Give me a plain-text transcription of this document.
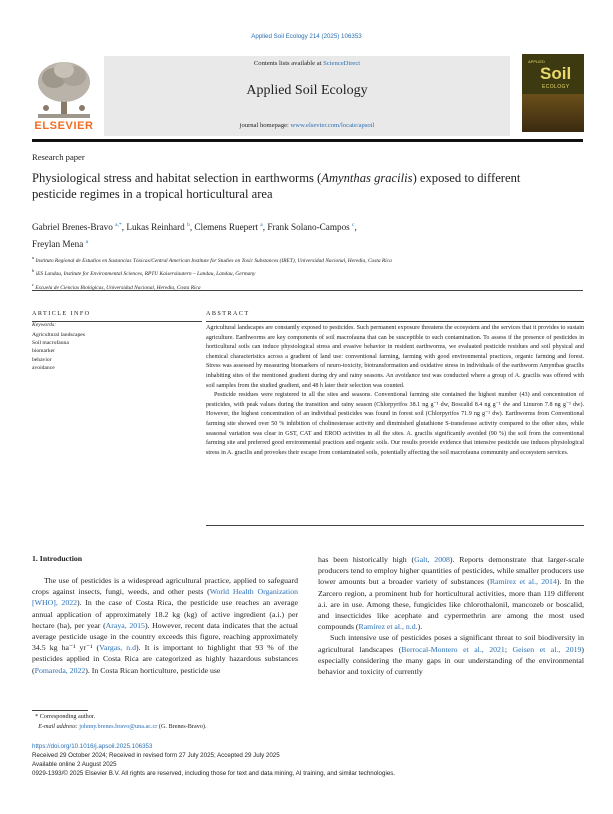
Applied Soil Ecology 214 (2025) 106353
ELSEVIER
Contents lists available at ScienceDirect
Applied Soil Ecology
journal homepage: www.elsevier.com/locate/apsoil
APPLIED
Soil
ECOLOGY
Research paper
Physiological stress and habitat selection in earthworms (Amynthas gracilis) exposed to different pesticide regimes in a tropical horticultural area
Gabriel Brenes-Bravo $^{a,*}$, Lukas Reinhard $^b$, Clemens Ruepert $^a$, Frank Solano-Campos $^c$,
Freylan Mena $^a$
$^a$ Instituto Regional de Estudios en Sustancias Tóxicas/Central American Institute for Studies on Toxic Substances (IRET), Universidad Nacional, Heredia, Costa Rica
$^b$ iES Landau, Institute for Environmental Sciences, RPTU Kaiserslautern – Landau, Landau, Germany
$^c$ Escuela de Ciencias Biológicas, Universidad Nacional, Heredia, Costa Rica
ARTICLE INFO
Keywords:
Agricultural landscapes
Soil macrofauna
biomarker
behavior
avoidance
ABSTRACT

Agricultural landscapes are constantly exposed to pesticides. Such permanent exposure threatens the ecosystem and the services that it provides to sustain agriculture. Earthworms are key components of soil macrofauna that can be susceptible to such contamination. To assess if the presence of pesticides in horticultural soils can induce physiological stress and evasive behavior in resident earthworms, we evaluated pesticide residues and soil physical and chemical characteristics across a gradient of land use: conventional farming, farming with good environmental practices, organic farming and forest. Stress was assessed by measuring biomarkers of neuro-toxicity, biotransformation and oxidative stress in individuals of the earthworm Amynthas gracilis inhabiting sites of the mentioned gradient during dry and rainy seasons. An avoidance test was conducted where a group of A. gracilis was offered with soil samples from the studied gradient, and 48 h later their selection was counted.

Pesticide residues were registered in all the sites and seasons. Conventional farming site contained the highest number (43) and concentration of pesticides, with peak values during the transition and rainy season (Chlorpyrifos 38.1 ng g⁻¹ dw, Boscalid 8.4 ng g⁻¹ dw and Linuron 7.8 ng g⁻¹ dw). However, the highest concentration of an individual pesticides was found in forest soil (Chlorpyrifos 71.9 ng g⁻¹ dw). Earthworms from Conventional farming site showed over 50 % inhibition of cholinesterase activity and diminished glutathione S-transferase activity compared to the other sites, while seasonal variation was clear in GST, CAT and EROD activities in all the sites. A. gracilis significantly avoided (90 %) the soil from the conventional farming site and preferred good environmental practices and organic soils. Our results provide evidence that intensive pesticide use induces physiological stress in A. gracilis and provokes their escape from contaminated soils, potentially affecting the soil macrofauna community and ecosystem services.

1. Introduction

The use of pesticides is a widespread agricultural practice, applied to safeguard crops against insects, fungi, weeds, and other pests (World Health Organization [WHO], 2022). In the case of Costa Rica, the pesticide use reaches an average annual application of approximately 18.2 kg (kg) of active ingredient (a.i.) per hectare (ha), per year (Araya, 2015). However, recent data indicates that the actual average pesticide usage in the country exceeds this figure, reaching approximately 34.5 kg ha⁻¹ yr⁻¹ (Vargas, n.d). It is important to highlight that 93 % of the pesticides applied in Costa Rica are categorized as highly hazardous substances (Pomareda, 2022). In Costa Rican horticulture, pesticide use

has been historically high (Galt, 2008). Reports demonstrate that larger-scale producers tend to employ higher quantities of pesticides, while smaller producers use lower amounts but a broader variety of substances (Ramírez et al., 2014). In the Zarcero region, a prominent hub for horticultural activities, more than 119 different a.i. are in use. Among these, fungicides like chlorothalonil, mancozeb or boscalid, and insecticides like acephate and cypermethrin are among the most used compounds (Ramírez et al., n.d.).

Such intensive use of pesticides poses a significant threat to soil biodiversity in agricultural landscapes (Berrocal-Montero et al., 2021; Geisen et al., 2019) especially considering the many gaps in our understanding of the environmental behavior and toxicity of currently

* Corresponding author.
E-mail address: johnny.brenes.bravo@una.ac.cr (G. Brenes-Bravo).
https://doi.org/10.1016/j.apsoil.2025.106353
Received 29 October 2024; Received in revised form 27 July 2025; Accepted 29 July 2025
Available online 2 August 2025
0929-1393/© 2025 Elsevier B.V. All rights are reserved, including those for text and data mining, AI training, and similar technologies.
